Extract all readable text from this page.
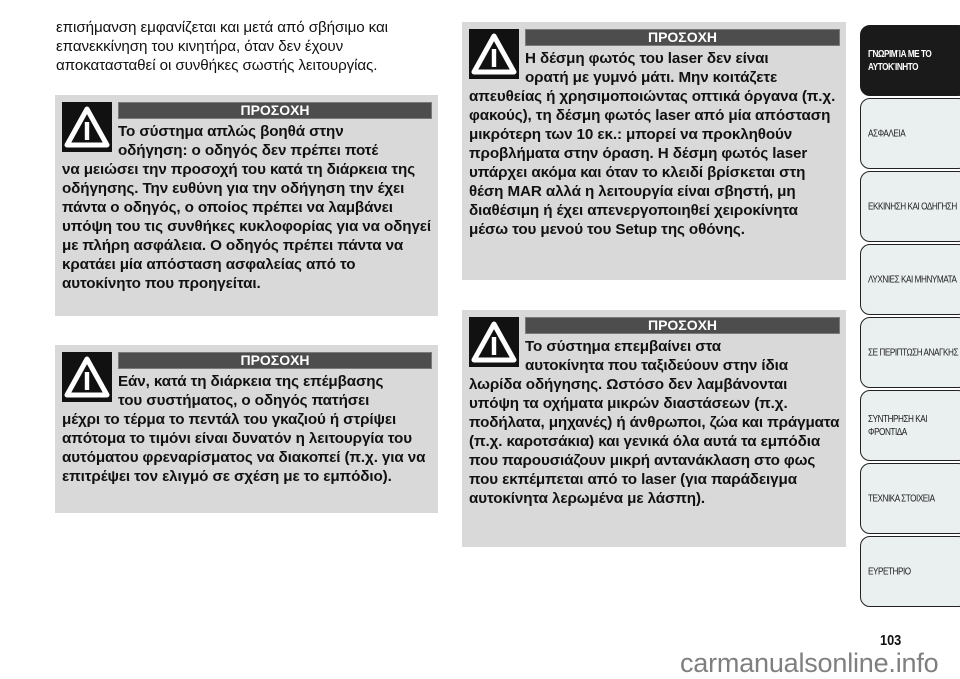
επισήμανση εμφανίζεται και μετά από σβήσιμο και επανεκκίνηση του κινητήρα, όταν δεν έχουν αποκατασταθεί οι συνθήκες σωστής λειτουργίας.
ΠΡΟΣΟΧΗ
Το σύστημα απλώς βοηθά στην
οδήγηση: ο οδηγός δεν πρέπει ποτέ
να μειώσει την προσοχή του κατά τη διάρκεια της οδήγησης. Την ευθύνη για την οδήγηση την έχει πάντα ο οδηγός, ο οποίος πρέπει να λαμβάνει υπόψη του τις συνθήκες κυκλοφορίας για να οδηγεί με πλήρη ασφάλεια. Ο οδηγός πρέπει πάντα να κρατάει μία απόσταση ασφαλείας από το αυτοκίνητο που προηγείται.
ΠΡΟΣΟΧΗ
Εάν, κατά τη διάρκεια της επέμβασης
του συστήματος, ο οδηγός πατήσει
μέχρι το τέρμα το πεντάλ του γκαζιού ή στρίψει απότομα το τιμόνι είναι δυνατόν η λειτουργία του αυτόματου φρεναρίσματος να διακοπεί (π.χ. για να επιτρέψει τον ελιγμό σε σχέση με το εμπόδιο).
ΠΡΟΣΟΧΗ
Η δέσμη φωτός του laser δεν είναι
ορατή με γυμνό μάτι. Μην κοιτάζετε
απευθείας ή χρησιμοποιώντας οπτικά όργανα (π.χ. φακούς), τη δέσμη φωτός laser από μία απόσταση μικρότερη των 10 εκ.: μπορεί να προκληθούν προβλήματα στην όραση. Η δέσμη φωτός laser υπάρχει ακόμα και όταν το κλειδί βρίσκεται στη θέση MAR αλλά η λειτουργία είναι σβηστή, μη διαθέσιμη ή έχει απενεργοποιηθεί χειροκίνητα μέσω του μενού του Setup της οθόνης.
ΠΡΟΣΟΧΗ
Το σύστημα επεμβαίνει στα
αυτοκίνητα που ταξιδεύουν στην ίδια
λωρίδα οδήγησης. Ωστόσο δεν λαμβάνονται υπόψη τα οχήματα μικρών διαστάσεων (π.χ. ποδήλατα, μηχανές) ή άνθρωποι, ζώα και πράγματα (π.χ. καροτσάκια) και γενικά όλα αυτά τα εμπόδια που παρουσιάζουν μικρή αντανάκλαση στο φως που εκπέμπεται από το laser (για παράδειγμα αυτοκίνητα λερωμένα με λάσπη).
ΓΝΩΡΙΜΊΑ ΜΕ ΤΟ ΑΥΤΟΚΊΝΗΤΟ
ΑΣΦΑΛΕΙΑ
ΕΚΚΙΝΗΣΗ ΚΑΙ ΟΔΗΓΗΣΗ
ΛΥΧΝΙΕΣ ΚΑΙ ΜΗΝΥΜΑΤΑ
ΣΕ ΠΕΡΙΠΤΩΣΗ ΑΝΑΓΚΗΣ
ΣΥΝΤΗΡΗΣΗ ΚΑΙ ΦΡΟΝΤΙΔΑ
ΤΕΧΝΙΚΑ ΣΤΟΙΧΕΙΑ
ΕΥΡΕΤΗΡΙΟ
103
carmanualsonline.info
